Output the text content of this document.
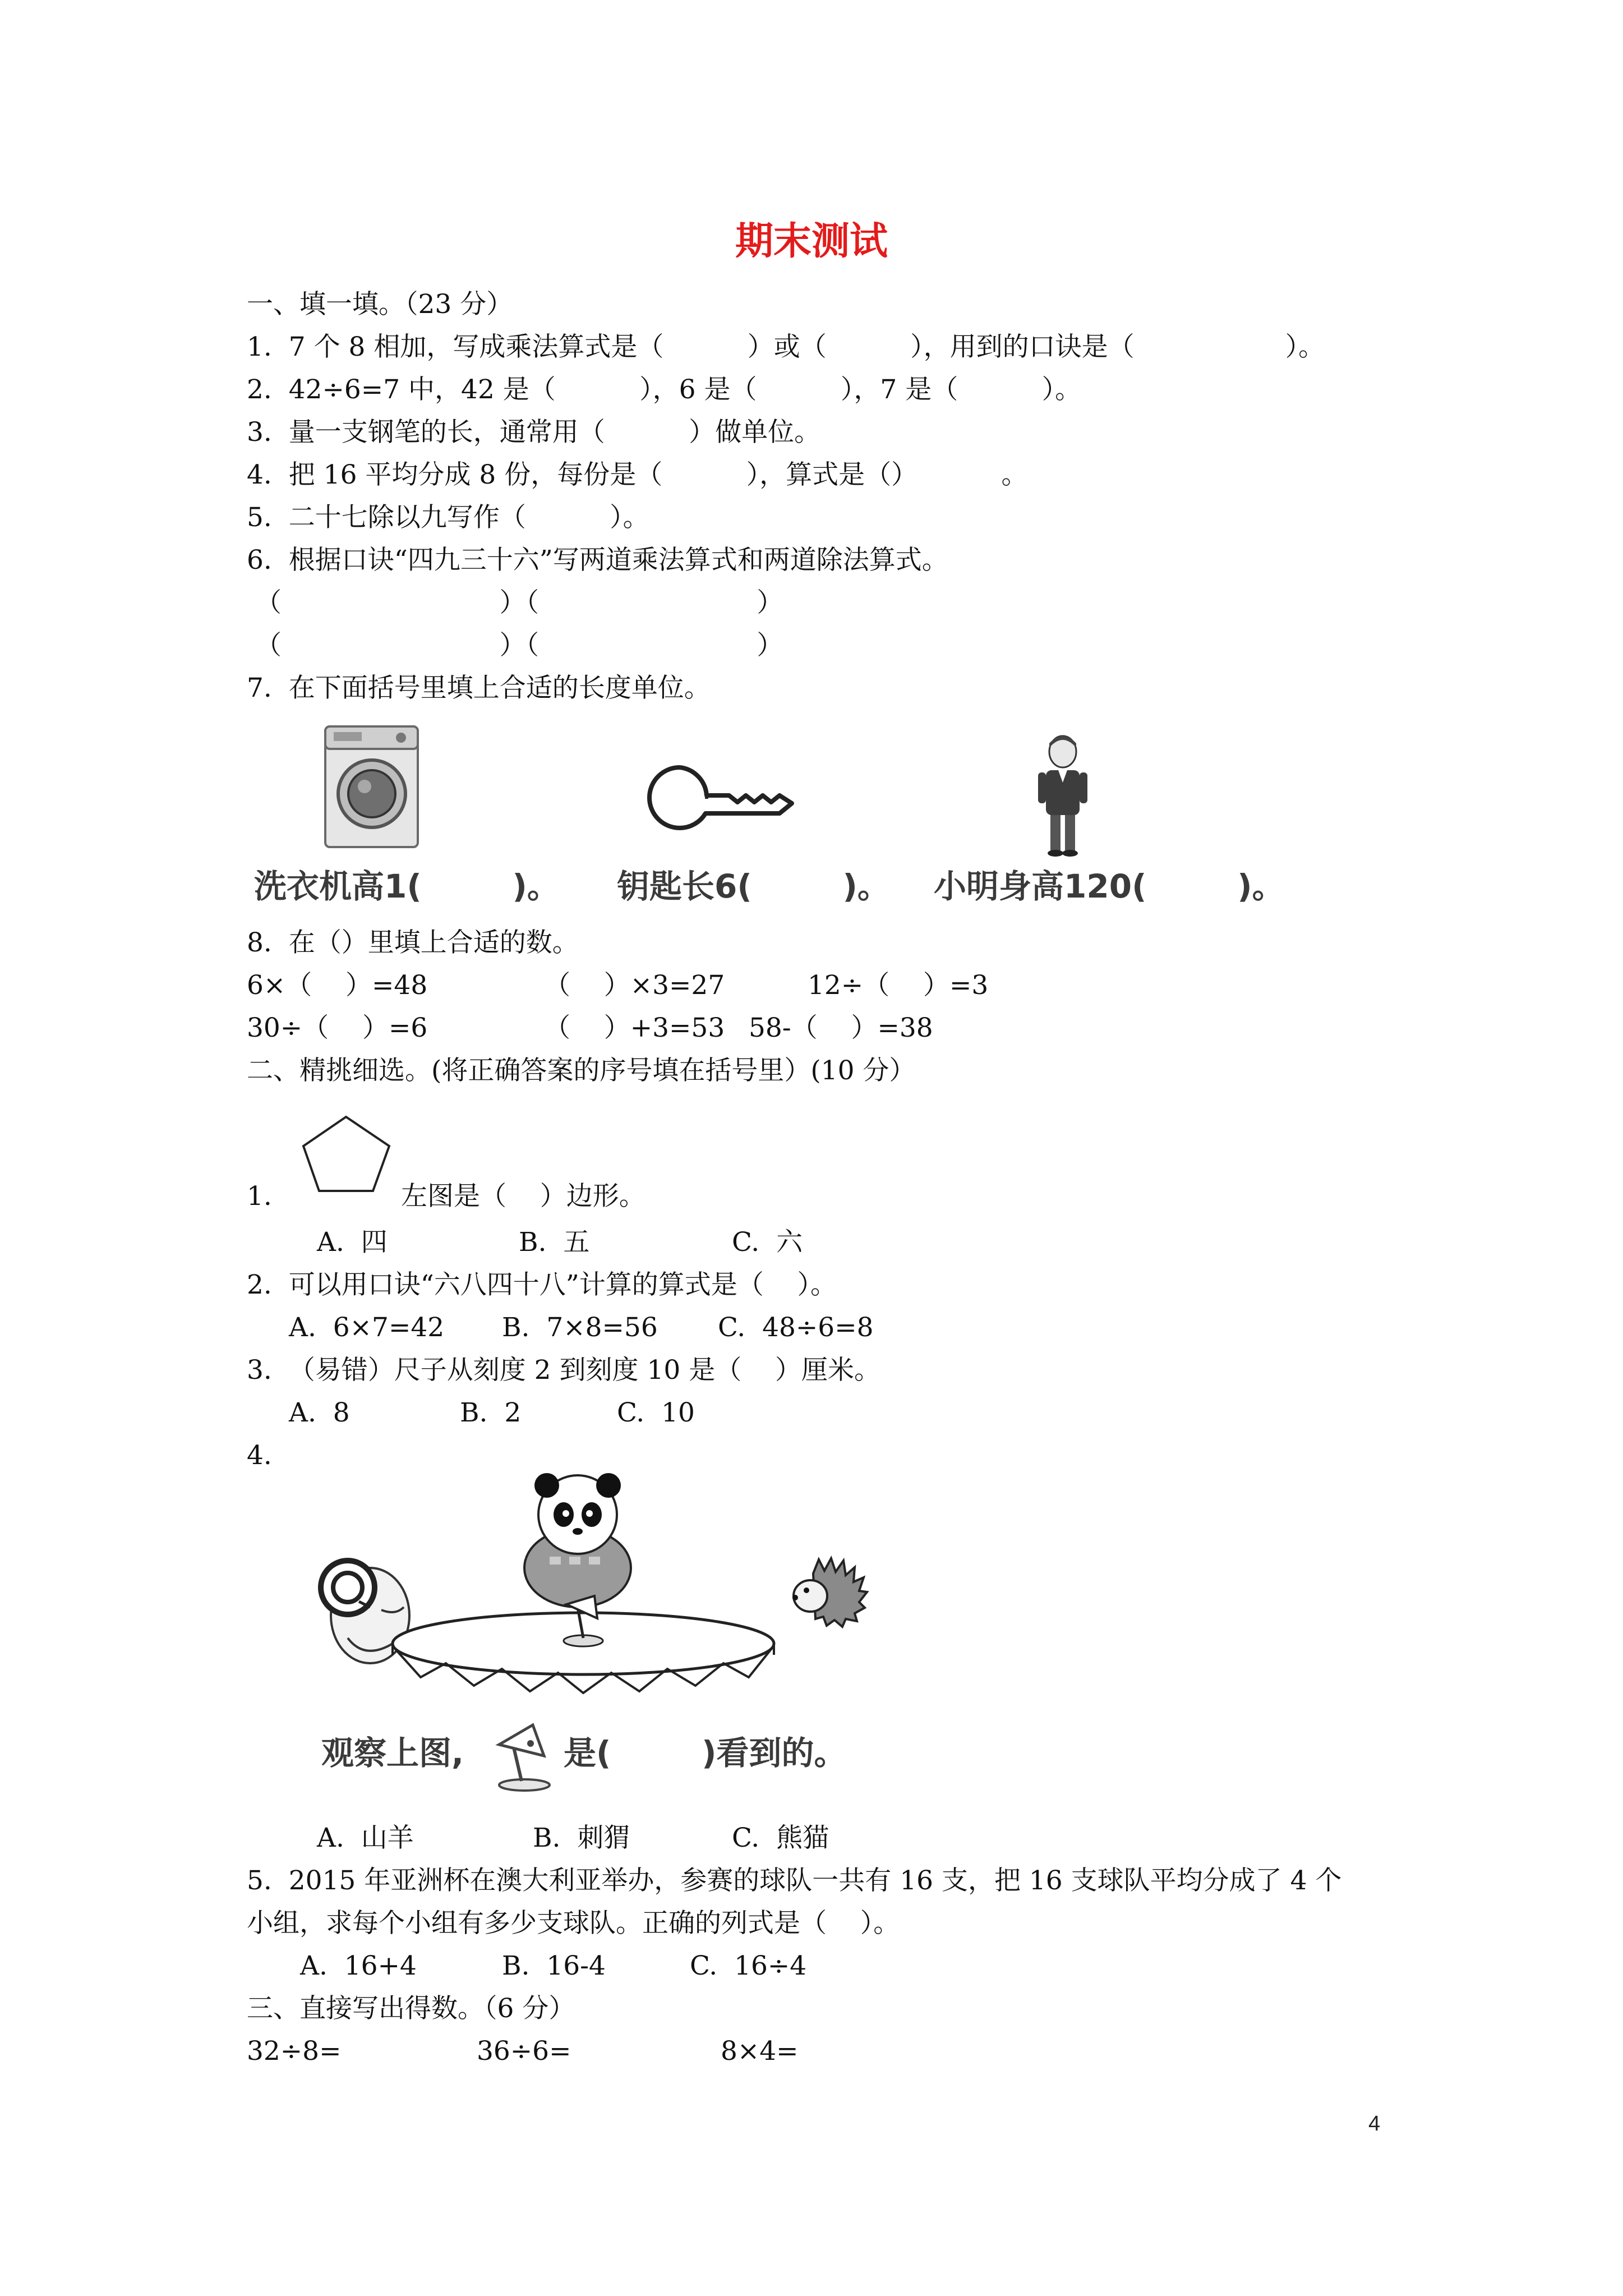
期末测试
一、填一填。（23 分）
1.  7 个 8 相加，写成乘法算式是（          ）或（          ），用到的口诀是（                  ）。
2.  42÷6=7 中，42 是（          ），6 是（          ），7 是（          ）。
3.  量一支钢笔的长，通常用（          ）做单位。
4.  把 16 平均分成 8 份，每份是（          ），算式是（）          。
5.  二十七除以九写作（          ）。
6.  根据口诀“四九三十六”写两道乘法算式和两道除法算式。
（                          ）（                          ）
（                          ）（                          ）
7.  在下面括号里填上合适的长度单位。
洗衣机高1(        )。 钥匙长6(        )。 小明身高120(        )。
8.  在（）里填上合适的数。
6×（    ）=48	（    ）×3=27	12÷（    ）=3
30÷（    ）=6	（    ）+3=53 58-（    ）=38
二、精挑细选。(将正确答案的序号填在括号里）(10 分）
1.	左图是（    ）边形。
A.  四	B.  五	C.  六
2.  可以用口诀“六八四十八”计算的算式是（    ）。
A.  6×7=42 B.  7×8=56 C.  48÷6=8
3.  （易错）尺子从刻度 2 到刻度 10 是（    ）厘米。
A.  8	B.  2	C.  10
4.
观察上图,	是(        )看到的。
A.  山羊	B.  刺猬	C.  熊猫
5.  2015 年亚洲杯在澳大利亚举办，参赛的球队一共有 16 支，把 16 支球队平均分成了 4 个
小组，求每个小组有多少支球队。正确的列式是（    ）。
A.  16+4	B.  16-4	C.  16÷4
三、直接写出得数。（6 分）
32÷8=	36÷6=	8×4=
4
